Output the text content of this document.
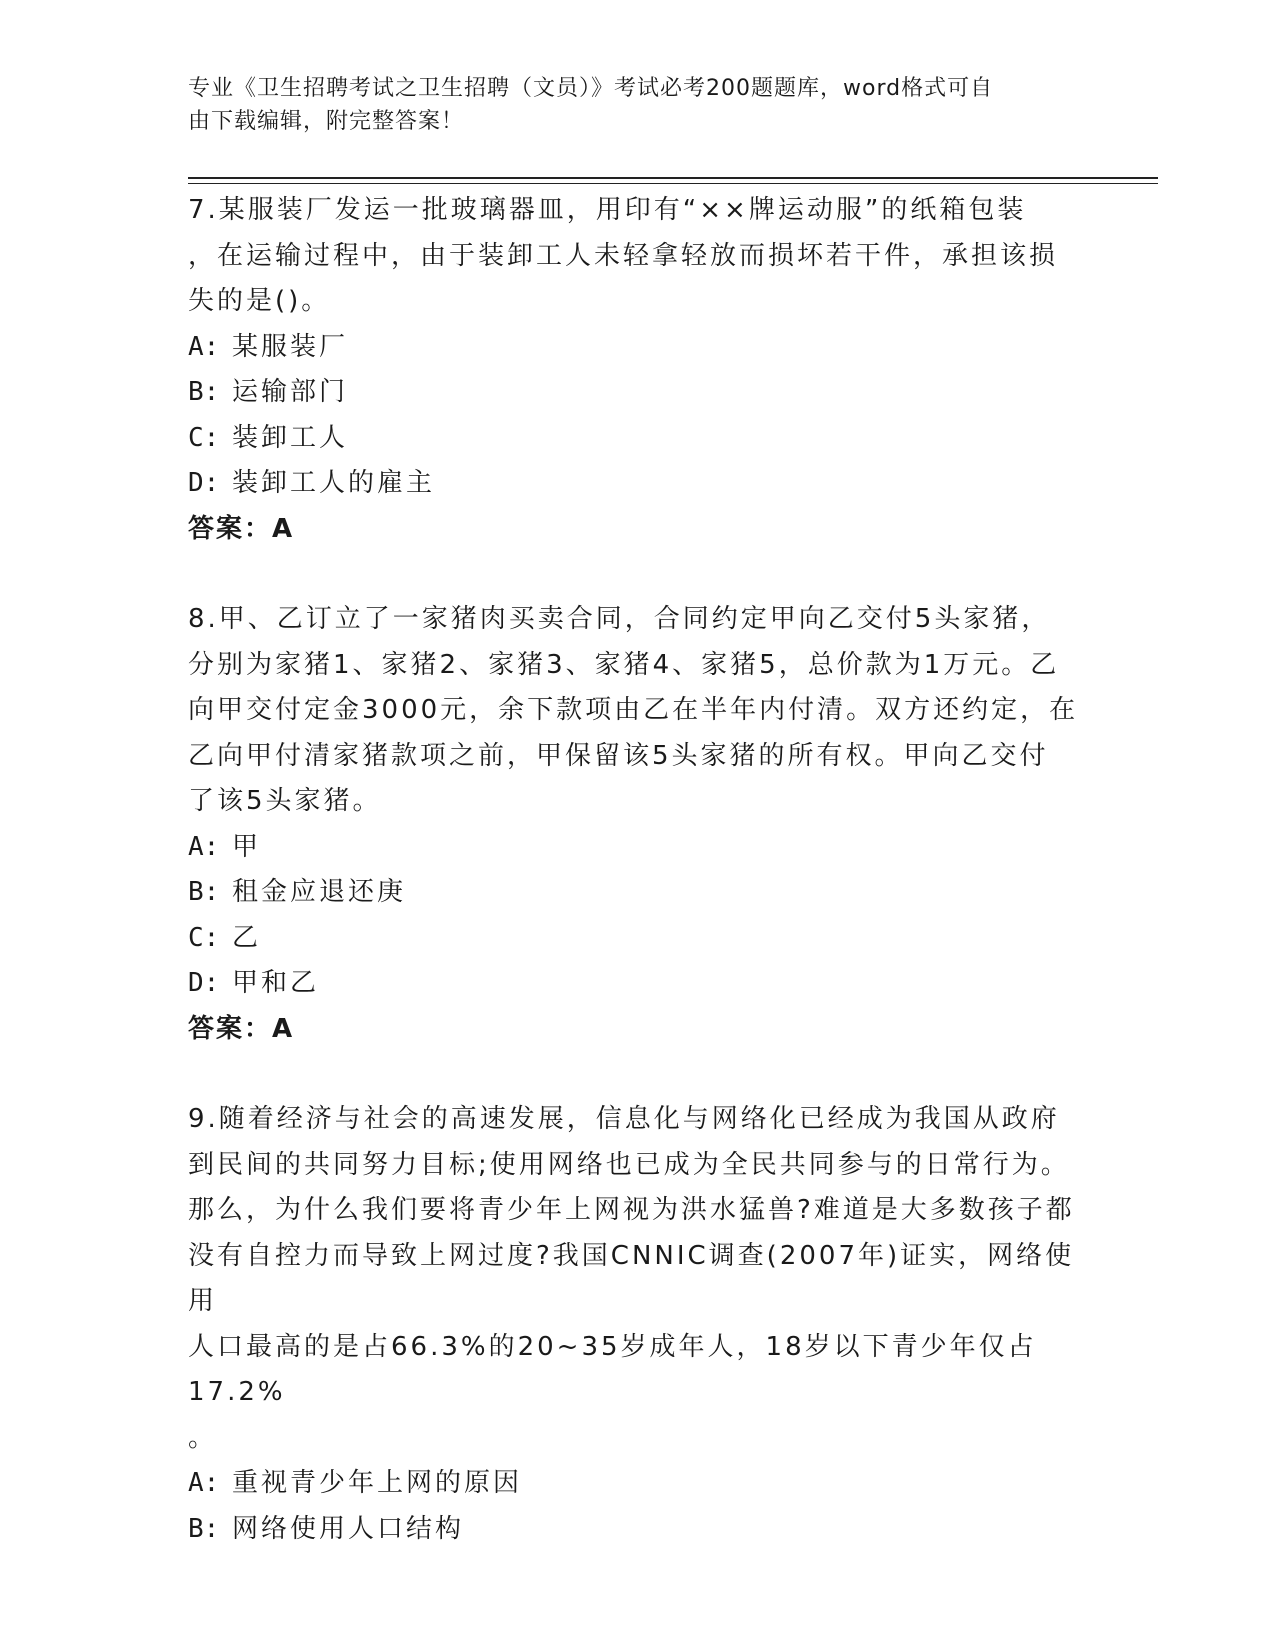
专业《卫生招聘考试之卫生招聘（文员）》考试必考200题题库，word格式可自
由下载编辑，附完整答案！
7.某服装厂发运一批玻璃器皿，用印有“××牌运动服”的纸箱包装
，在运输过程中，由于装卸工人未轻拿轻放而损坏若干件，承担该损
失的是()。
A: 某服装厂
B: 运输部门
C: 装卸工人
D: 装卸工人的雇主
答案：A
8.甲、乙订立了一家猪肉买卖合同，合同约定甲向乙交付5头家猪，
分别为家猪1、家猪2、家猪3、家猪4、家猪5，总价款为1万元。乙
向甲交付定金3000元，余下款项由乙在半年内付清。双方还约定，在
乙向甲付清家猪款项之前，甲保留该5头家猪的所有权。甲向乙交付
了该5头家猪。
A: 甲
B: 租金应退还庚
C: 乙
D: 甲和乙
答案：A
9.随着经济与社会的高速发展，信息化与网络化已经成为我国从政府
到民间的共同努力目标;使用网络也已成为全民共同参与的日常行为。
那么，为什么我们要将青少年上网视为洪水猛兽?难道是大多数孩子都
没有自控力而导致上网过度?我国CNNIC调查(2007年)证实，网络使用
人口最高的是占66.3%的20~35岁成年人，18岁以下青少年仅占17.2%
。
A: 重视青少年上网的原因
B: 网络使用人口结构
